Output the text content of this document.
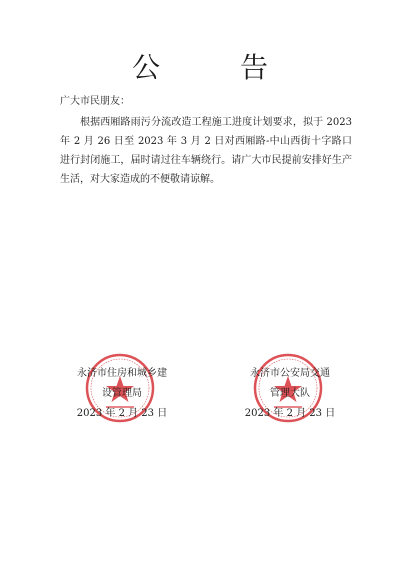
公　告
广大市民朋友：
根据西厢路雨污分流改造工程施工进度计划要求，拟于 2023 年 2 月 26 日至 2023 年 3 月 2 日对西厢路-中山西街十字路口进行封闭施工，届时请过往车辆绕行。请广大市民提前安排好生产生活，对大家造成的不便敬请谅解。
永济市住房和城乡建
设管理局
2023 年 2 月 23 日
永济市公安局交通
管理大队
2023 年 2 月 23 日
